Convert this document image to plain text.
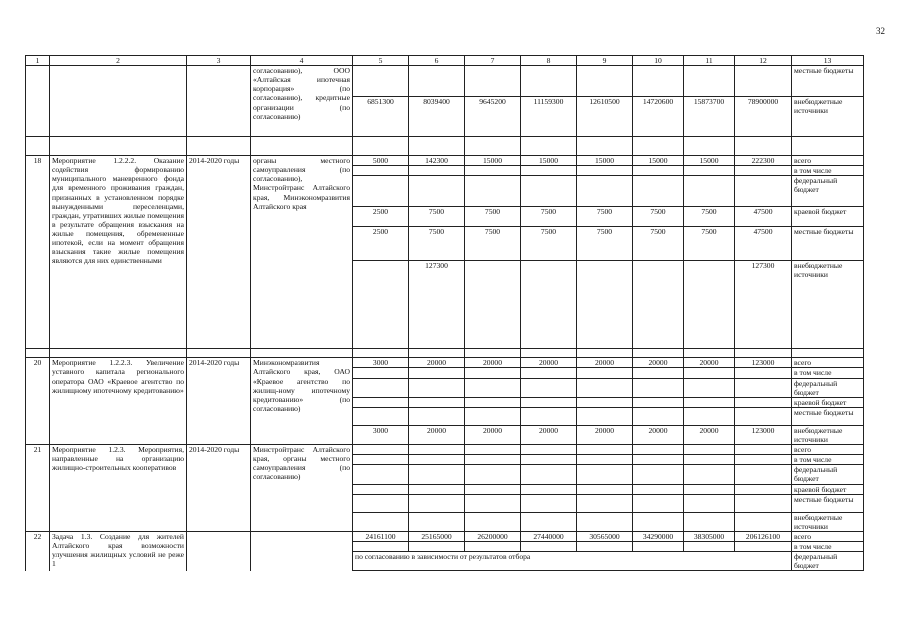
32
1	2	3	4	5	6	7	8	9	10	11	12	13
			согласованию), ООО «Алтайская ипотечная корпорация» (по согласованию), кредитные организации (по согласованию)									местные бюджеты
				6851300	8039400	9645200	11159300	12610500	14720600	15873700	78900000	внебюджетные источники

18	Мероприятие 1.2.2.2. Оказание содействия формированию муниципального маневренного фонда для временного проживания граждан, признанных в установленном порядке вынужденными переселенцами, граждан, утративших жилые помещения в результате обращения взыскания на жилые помещения, обремененные ипотекой, если на момент обращения взыскания такие жилые помещения являются для них единственными	2014-2020 годы	органы местного самоуправления (по согласованию), Минстройтранс Алтайского края, Минэкономразвития Алтайского края	5000	142300	15000	15000	15000	15000	15000	222300	всего
												в том числе
												федеральный бюджет
				2500	7500	7500	7500	7500	7500	7500	47500	краевой бюджет
				2500	7500	7500	7500	7500	7500	7500	47500	местные бюджеты
					127300						127300	внебюджетные источники

20	Мероприятие 1.2.2.3. Увеличение уставного капитала регионального оператора ОАО «Краевое агентство по жилищному ипотечному кредитованию»	2014-2020 годы	Минэкономразвития Алтайского края, ОАО «Краевое агентство по жилищ-ному ипотечному кредитованию» (по согласованию)	3000	20000	20000	20000	20000	20000	20000	123000	всего
												в том числе
												федеральный бюджет
												краевой бюджет
												местные бюджеты
				3000	20000	20000	20000	20000	20000	20000	123000	внебюджетные источники
21	Мероприятие 1.2.3. Мероприятия, направленные на организацию жилищно-строительных кооперативов	2014-2020 годы	Минстройтранс Алтайского края, органы местного самоуправления (по согласованию)									всего
												в том числе
												федеральный бюджет
												краевой бюджет
												местные бюджеты
												внебюджетные источники
22	Задача 1.3. Создание для жителей Алтайского края возможности улучшения жилищных условий не реже 1			24161100	25165000	26200000	27440000	30565000	34290000	38305000	206126100	всего
												в том числе
				по согласованию в зависимости от результатов отбора								федеральный бюджет
